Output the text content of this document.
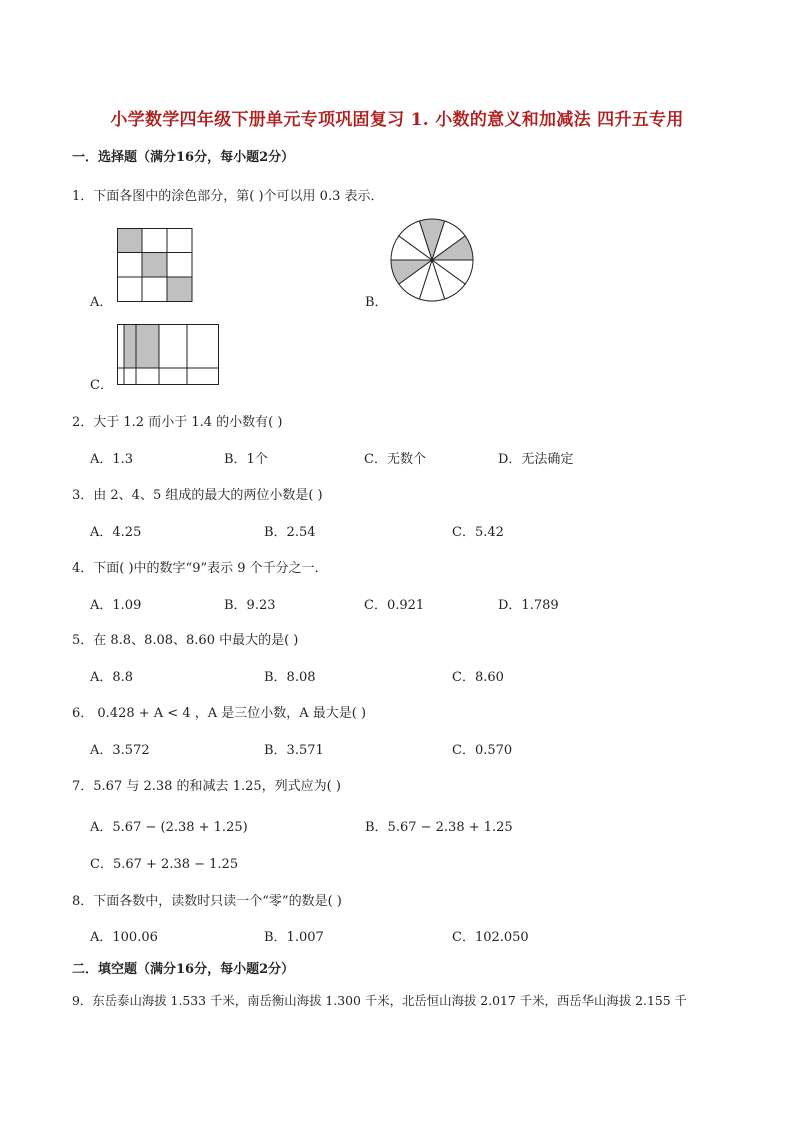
小学数学四年级下册单元专项巩固复习 1. 小数的意义和加减法 四升五专用
一．选择题（满分16分，每小题2分）
1．下面各图中的涂色部分，第( )个可以用 0.3 表示．
A．	B．
C．
2．大于 1.2 而小于 1.4 的小数有( )
A．1.3	B．1个	C．无数个	D．无法确定
3．由 2、4、5 组成的最大的两位小数是( )
A．4.25	B．2.54	C．5.42
4．下面( )中的数字“9”表示 9 个千分之一．
A．1.09	B．9.23	C．0.921	D．1.789
5．在 8.8、8.08、8.60 中最大的是( )
A．8.8	B．8.08	C．8.60
6． 0.428 + A < 4 ，A 是三位小数，A 最大是( )
A．3.572	B．3.571	C．0.570
7．5.67 与 2.38 的和减去 1.25，列式应为( )
A．5.67 − (2.38 + 1.25)	B．5.67 − 2.38 + 1.25
C．5.67 + 2.38 − 1.25
8．下面各数中，读数时只读一个“零”的数是( )
A．100.06	B．1.007	C．102.050
二．填空题（满分16分，每小题2分）
9．东岳泰山海拔 1.533 千米，南岳衡山海拔 1.300 千米，北岳恒山海拔 2.017 千米，西岳华山海拔 2.155 千
